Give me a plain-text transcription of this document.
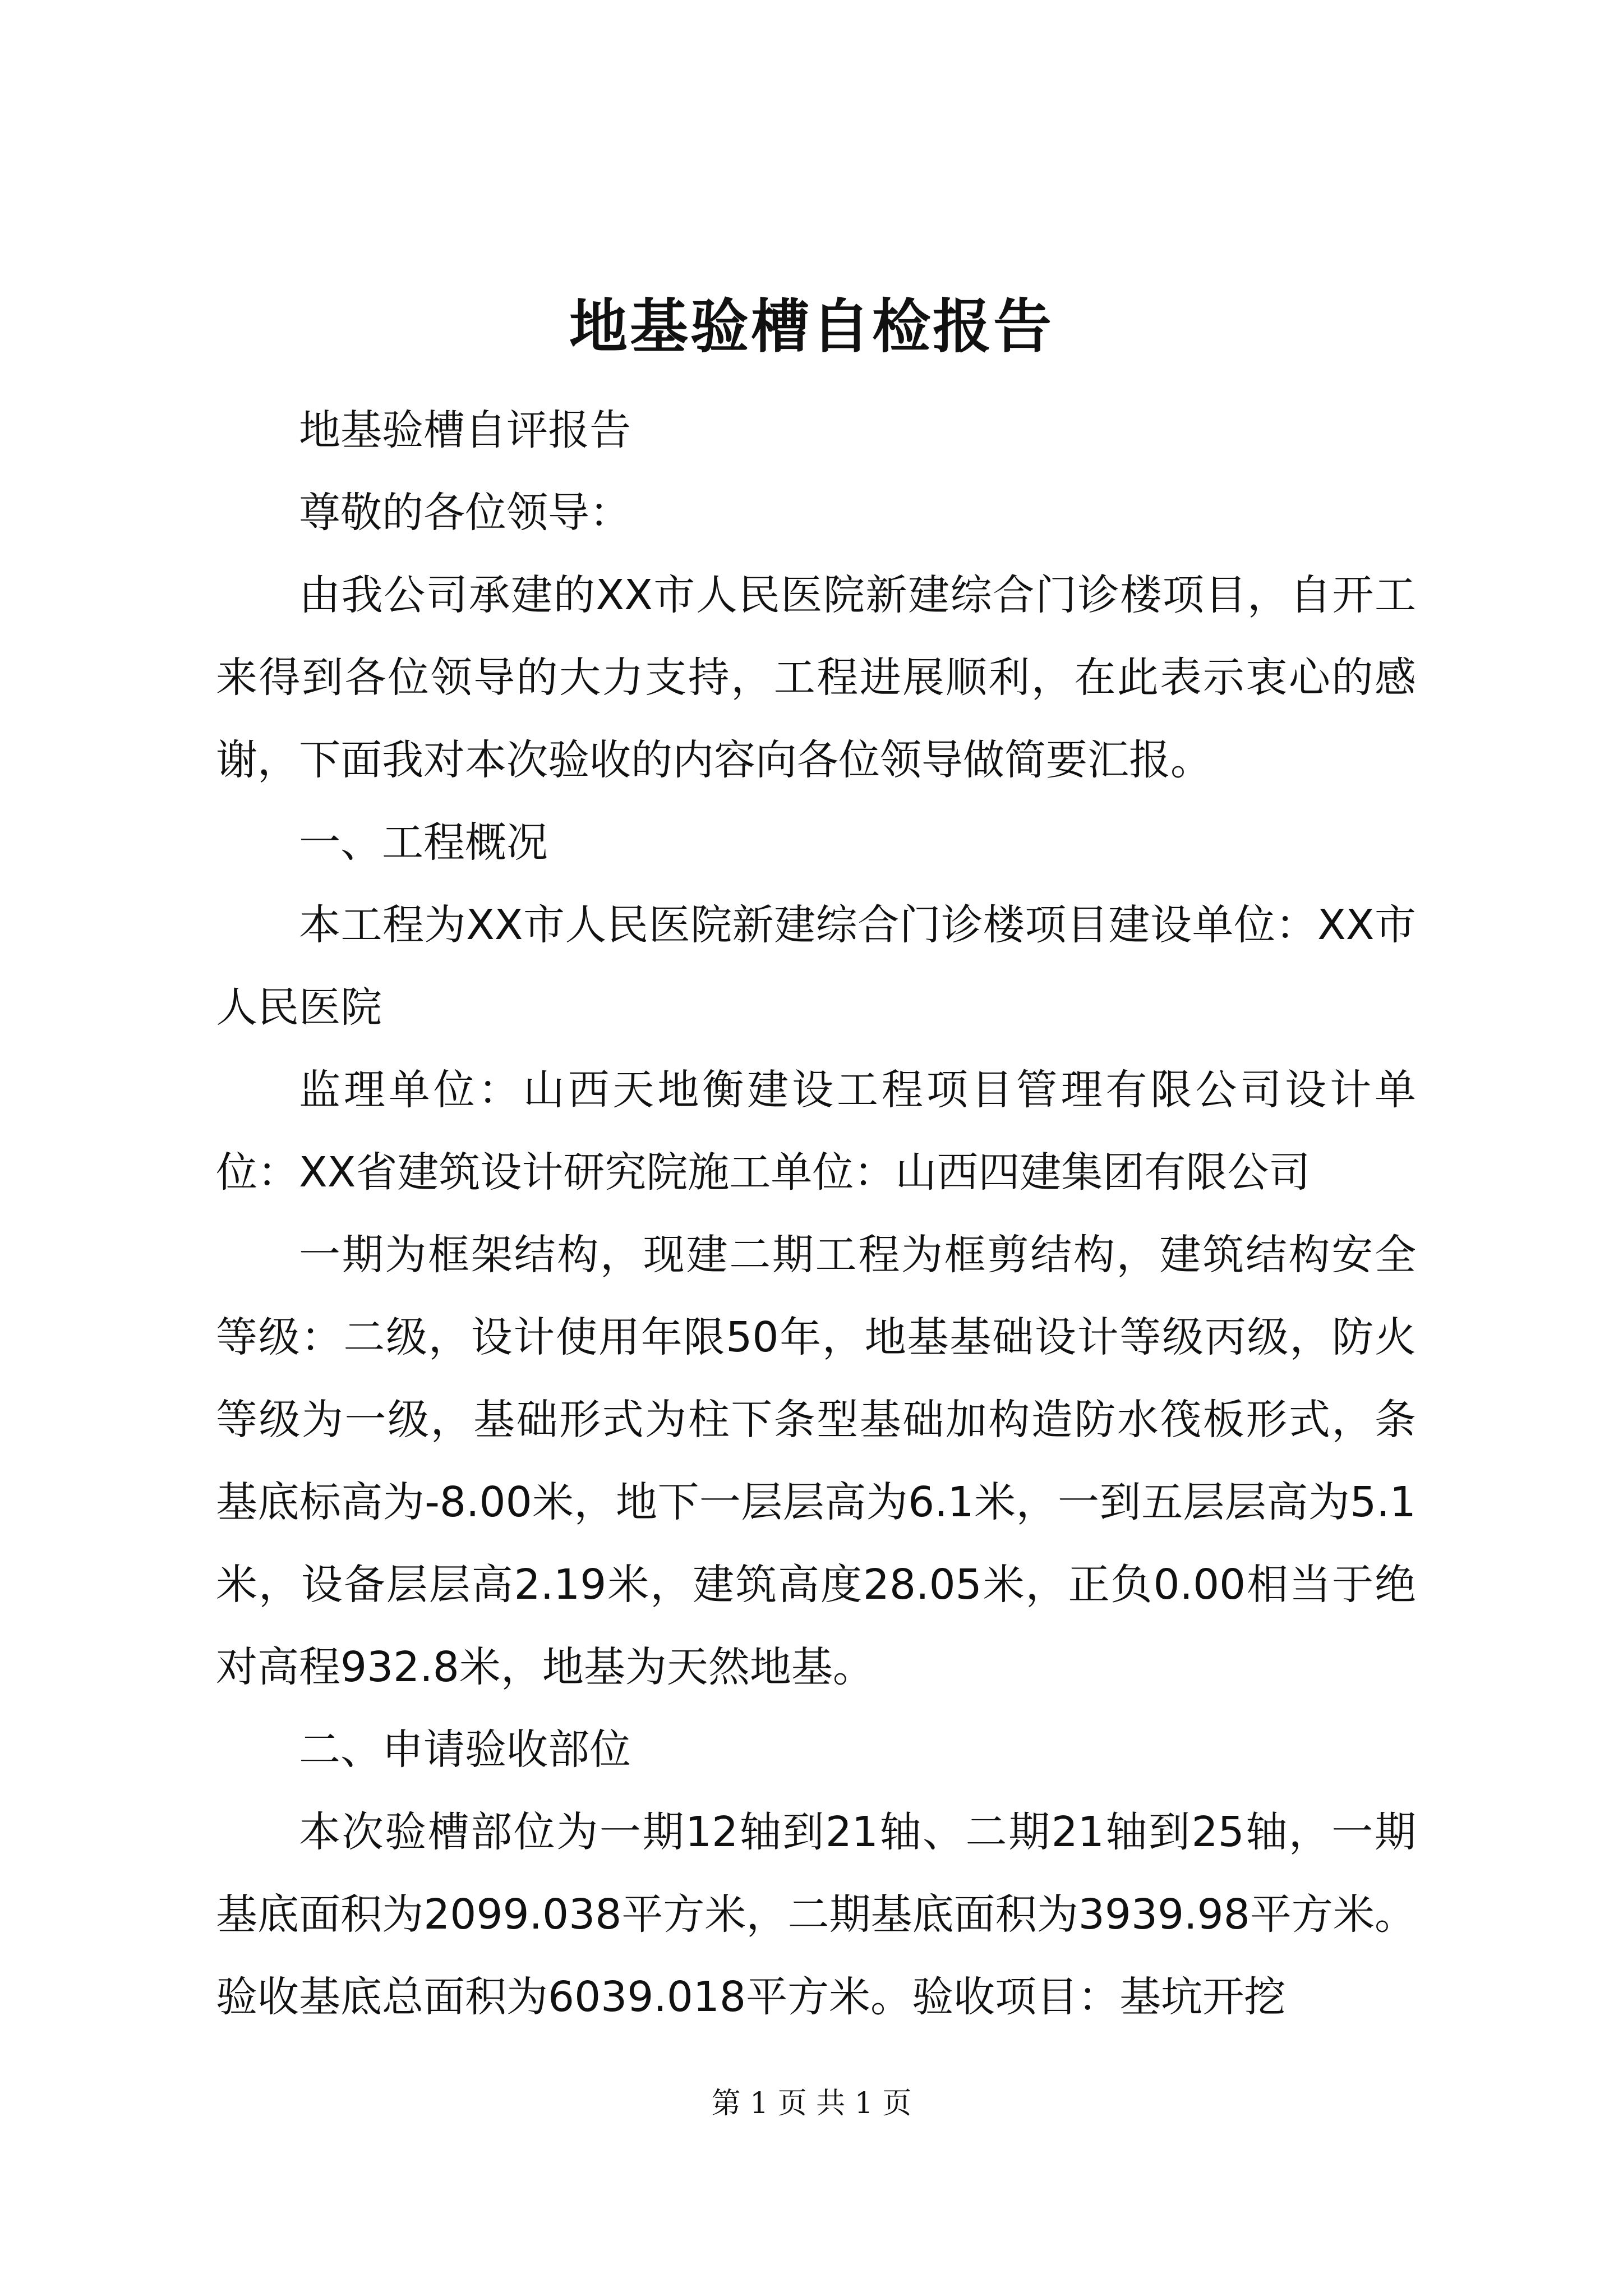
地基验槽自检报告

地基验槽自评报告

尊敬的各位领导：

由我公司承建的XX市人民医院新建综合门诊楼项目，自开工来得到各位领导的大力支持，工程进展顺利，在此表示衷心的感谢，下面我对本次验收的内容向各位领导做简要汇报。

一、工程概况

本工程为XX市人民医院新建综合门诊楼项目建设单位：XX市人民医院

监理单位：山西天地衡建设工程项目管理有限公司设计单位：XX省建筑设计研究院施工单位：山西四建集团有限公司

一期为框架结构，现建二期工程为框剪结构，建筑结构安全等级：二级，设计使用年限50年，地基基础设计等级丙级，防火等级为一级，基础形式为柱下条型基础加构造防水筏板形式，条基底标高为-8.00米，地下一层层高为6.1米，一到五层层高为5.1米，设备层层高2.19米，建筑高度28.05米，正负0.00相当于绝对高程932.8米，地基为天然地基。

二、申请验收部位

本次验槽部位为一期12轴到21轴、二期21轴到25轴，一期基底面积为2099.038平方米，二期基底面积为3939.98平方米。验收基底总面积为6039.018平方米。验收项目：基坑开挖

第 1 页 共 1 页
